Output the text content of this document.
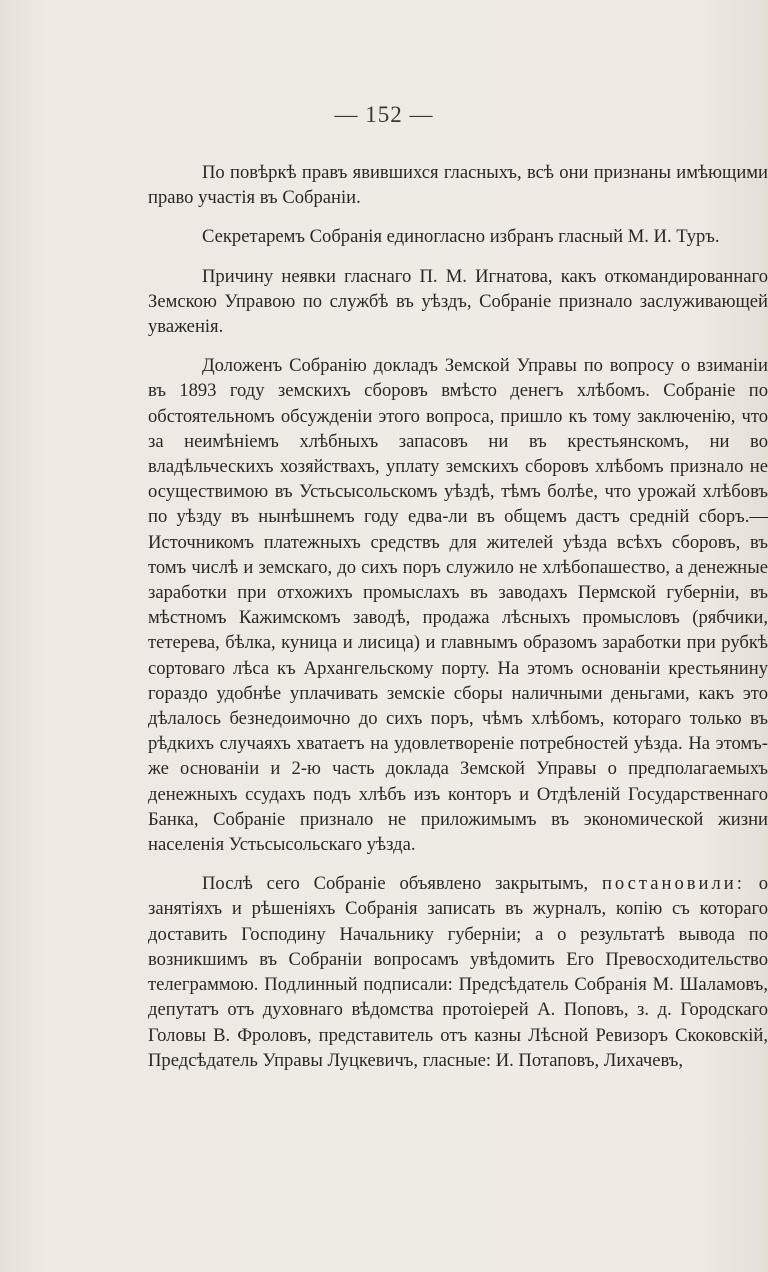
— 152 —

По повѣркѣ правъ явившихся гласныхъ, всѣ они признаны имѣющими право участія въ Собраніи.

Секретаремъ Собранія единогласно избранъ гласный М. И. Туръ.

Причину неявки гласнаго П. М. Игнатова, какъ откомандированнаго Земскою Управою по службѣ въ уѣздъ, Собраніе признало заслуживающей уваженія.

Доложенъ Собранію докладъ Земской Управы по вопросу о взиманіи въ 1893 году земскихъ сборовъ вмѣсто денегъ хлѣбомъ. Собраніе по обстоятельномъ обсужденіи этого вопроса, пришло къ тому заключенію, что за неимѣніемъ хлѣбныхъ запасовъ ни въ крестьянскомъ, ни во владѣльческихъ хозяйствахъ, уплату земскихъ сборовъ хлѣбомъ признало не осуществимою въ Устьсысольскомъ уѣздѣ, тѣмъ болѣе, что урожай хлѣбовъ по уѣзду въ нынѣшнемъ году едва-ли въ общемъ дастъ средній сборъ.—Источникомъ платежныхъ средствъ для жителей уѣзда всѣхъ сборовъ, въ томъ числѣ и земскаго, до сихъ поръ служило не хлѣбопашество, а денежные заработки при отхожихъ промыслахъ въ заводахъ Пермской губерніи, въ мѣстномъ Кажимскомъ заводѣ, продажа лѣсныхъ промысловъ (рябчики, тетерева, бѣлка, куница и лисица) и главнымъ образомъ заработки при рубкѣ сортоваго лѣса къ Архангельскому порту. На этомъ основаніи крестьянину гораздо удобнѣе уплачивать земскіе сборы наличными деньгами, какъ это дѣлалось безнедоимочно до сихъ поръ, чѣмъ хлѣбомъ, котораго только въ рѣдкихъ случаяхъ хватаетъ на удовлетвореніе потребностей уѣзда. На этомъ-же основаніи и 2-ю часть доклада Земской Управы о предполагаемыхъ денежныхъ ссудахъ подъ хлѣбъ изъ конторъ и Отдѣленій Государственнаго Банка, Собраніе признало не приложимымъ въ экономической жизни населенія Устьсысольскаго уѣзда.

Послѣ сего Собраніе объявлено закрытымъ, постановили: о занятіяхъ и рѣшеніяхъ Собранія записать въ журналъ, копію съ котораго доставить Господину Начальнику губерніи; а о результатѣ вывода по возникшимъ въ Собраніи вопросамъ увѣдомить Его Превосходительство телеграммою. Подлинный подписали: Предсѣдатель Собранія М. Шаламовъ, депутатъ отъ духовнаго вѣдомства протоіерей А. Поповъ, з. д. Городскаго Головы В. Фроловъ, представитель отъ казны Лѣсной Ревизоръ Скоковскій, Предсѣдатель Управы Луцкевичъ, гласные: И. Потаповъ, Лихачевъ,
